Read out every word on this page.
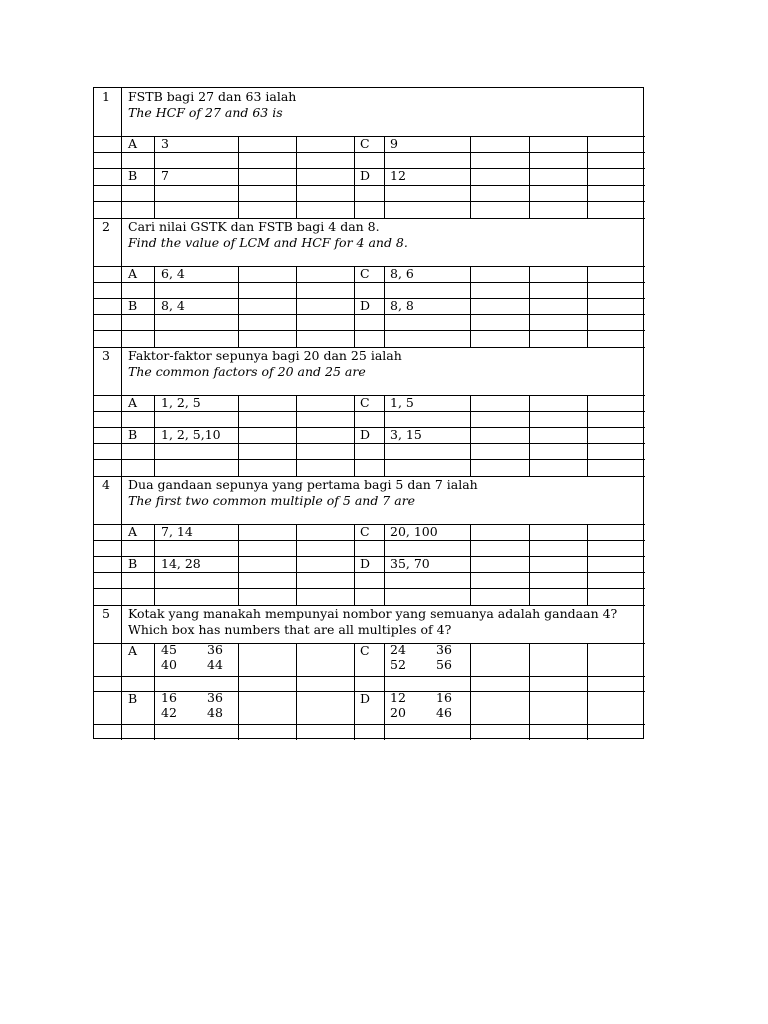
1 FSTB bagi 27 dan 63 ialah
The HCF of 27 and 63 is
A 3	C 9
B 7	D 12
2 Cari nilai GSTK dan FSTB bagi 4 dan 8.
Find the value of LCM and HCF for 4 and 8.
A 6, 4	C 8, 6
B 8, 4	D 8, 8
3 Faktor-faktor sepunya bagi 20 dan 25 ialah
The common factors of 20 and 25 are
A 1, 2, 5	C 1, 5
B 1, 2, 5,10	D 3, 15
4 Dua gandaan sepunya yang pertama bagi 5 dan 7 ialah
The first two common multiple of 5 and 7 are
A 7, 14	C 20, 100
B 14, 28	D 35, 70
5 Kotak yang manakah mempunyai nombor yang semuanya adalah gandaan 4?
Which box has numbers that are all multiples of 4?
A 45 36
40 44
C 24 36
52 56
B 16 36
42 48
D 12 16
20 46
